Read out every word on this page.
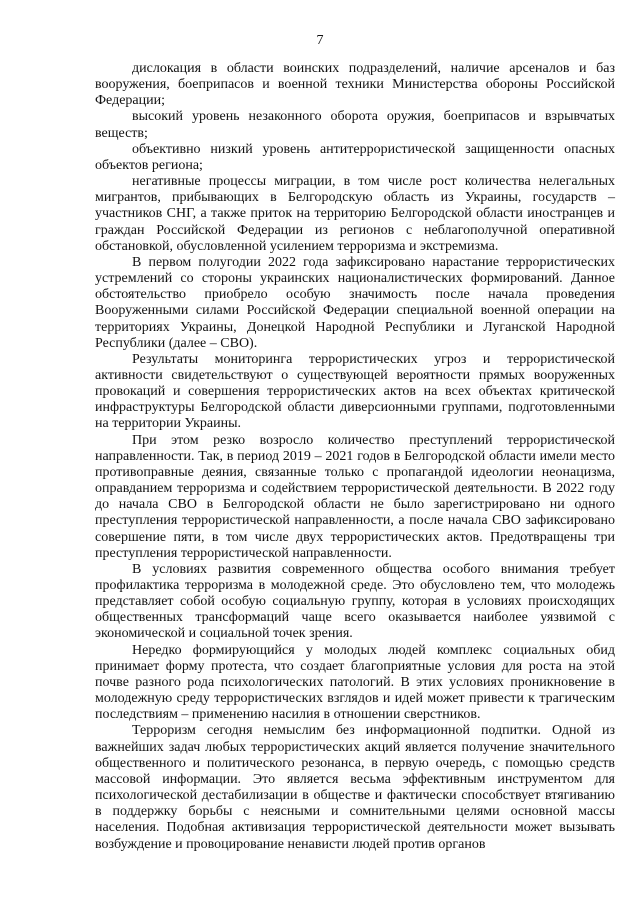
7

дислокация в области воинских подразделений, наличие арсеналов и баз вооружения, боеприпасов и военной техники Министерства обороны Российской Федерации;

высокий уровень незаконного оборота оружия, боеприпасов и взрывчатых веществ;

объективно низкий уровень антитеррористической защищенности опасных объектов региона;

негативные процессы миграции, в том числе рост количества нелегальных мигрантов, прибывающих в Белгородскую область из Украины, государств – участников СНГ, а также приток на территорию Белгородской области иностранцев и граждан Российской Федерации из регионов с неблагополучной оперативной обстановкой, обусловленной усилением терроризма и экстремизма.

В первом полугодии 2022 года зафиксировано нарастание террористических устремлений со стороны украинских националистических формирований. Данное обстоятельство приобрело особую значимость после начала проведения Вооруженными силами Российской Федерации специальной военной операции на территориях Украины, Донецкой Народной Республики и Луганской Народной Республики (далее – СВО).

Результаты мониторинга террористических угроз и террористической активности свидетельствуют о существующей вероятности прямых вооруженных провокаций и совершения террористических актов на всех объектах критической инфраструктуры Белгородской области диверсионными группами, подготовленными на территории Украины.

При этом резко возросло количество преступлений террористической направленности. Так, в период 2019 – 2021 годов в Белгородской области имели место противоправные деяния, связанные только с пропагандой идеологии неонацизма, оправданием терроризма и содействием террористической деятельности. В 2022 году до начала СВО в Белгородской области не было зарегистрировано ни одного преступления террористической направленности, а после начала СВО зафиксировано совершение пяти, в том числе двух террористических актов. Предотвращены три преступления террористической направленности.

В условиях развития современного общества особого внимания требует профилактика терроризма в молодежной среде. Это обусловлено тем, что молодежь представляет собой особую социальную группу, которая в условиях происходящих общественных трансформаций чаще всего оказывается наиболее уязвимой с экономической и социальной точек зрения.

Нередко формирующийся у молодых людей комплекс социальных обид принимает форму протеста, что создает благоприятные условия для роста на этой почве разного рода психологических патологий. В этих условиях проникновение в молодежную среду террористических взглядов и идей может привести к трагическим последствиям – применению насилия в отношении сверстников.

Терроризм сегодня немыслим без информационной подпитки. Одной из важнейших задач любых террористических акций является получение значительного общественного и политического резонанса, в первую очередь, с помощью средств массовой информации. Это является весьма эффективным инструментом для психологической дестабилизации в обществе и фактически способствует втягиванию в поддержку борьбы с неясными и сомнительными целями основной массы населения. Подобная активизация террористической деятельности может вызывать возбуждение и провоцирование ненависти людей против органов
